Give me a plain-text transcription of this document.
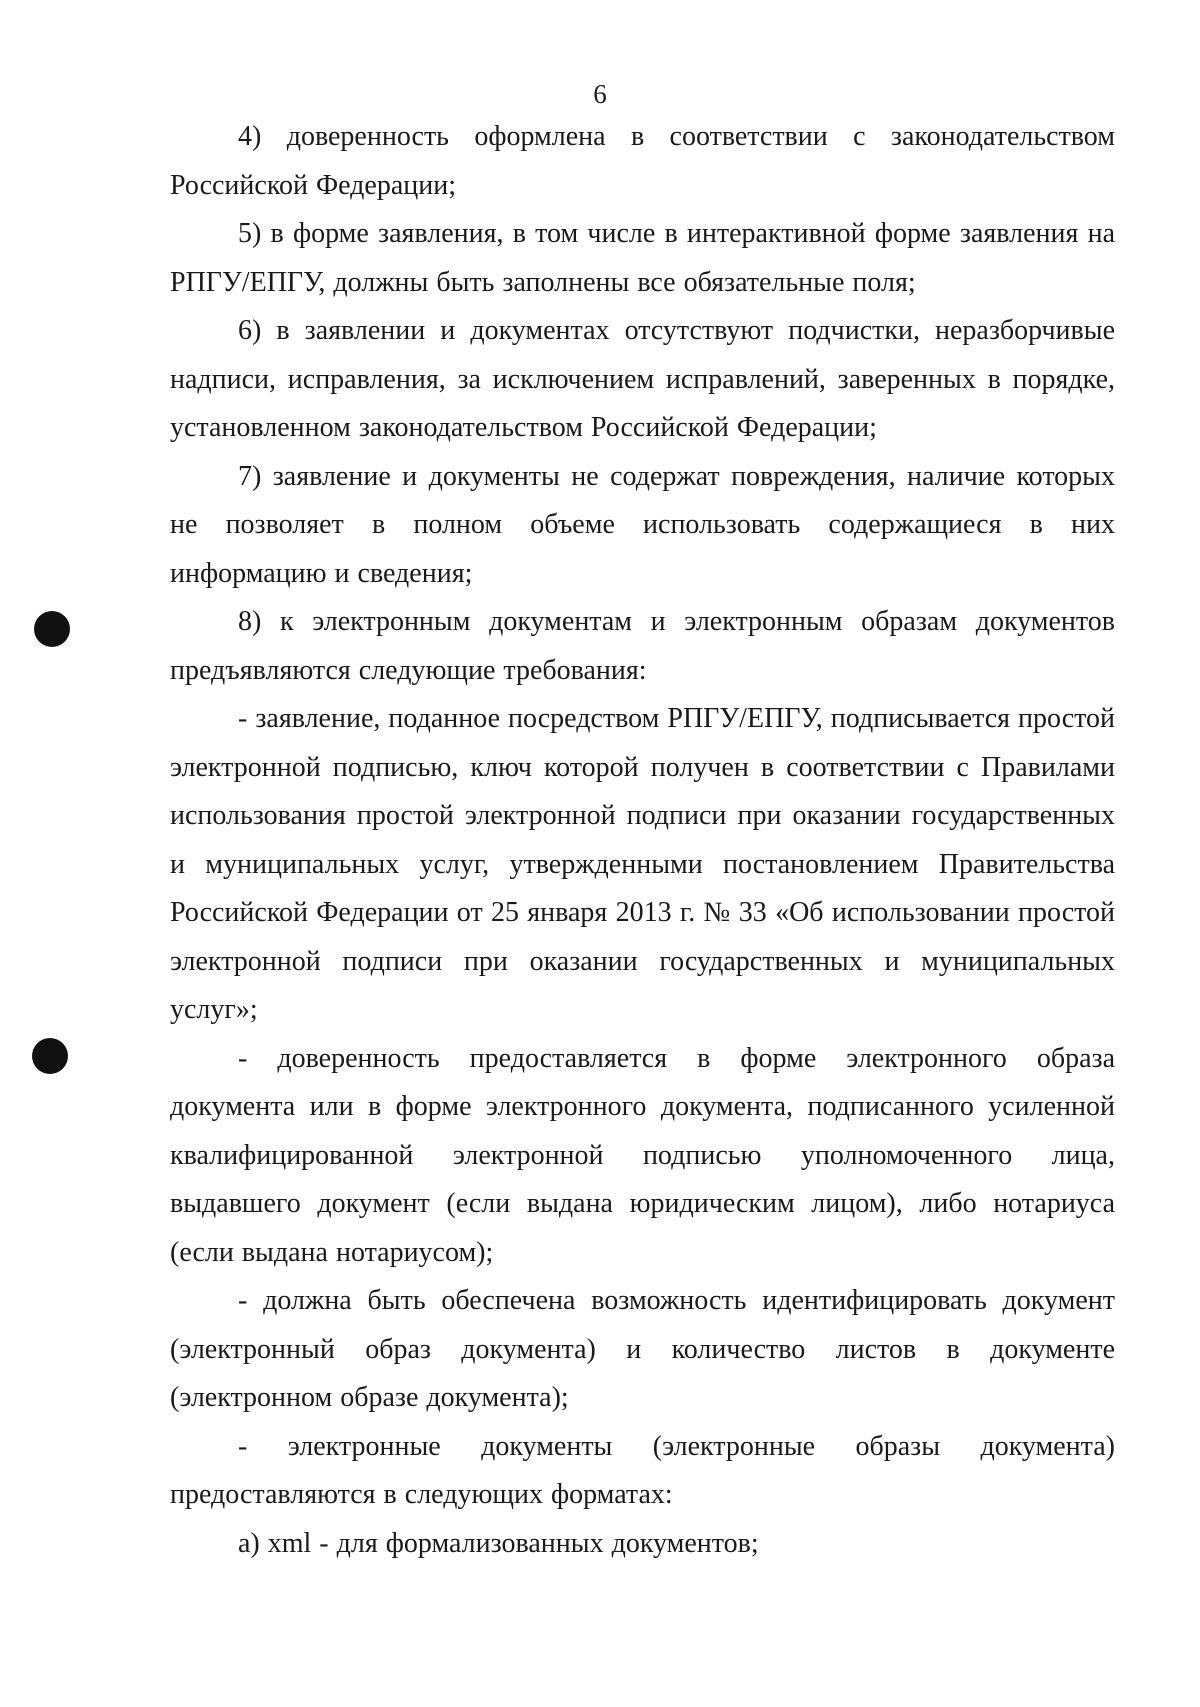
6

4) доверенность оформлена в соответствии с законодательством Российской Федерации;

5) в форме заявления, в том числе в интерактивной форме заявления на РПГУ/ЕПГУ, должны быть заполнены все обязательные поля;

6) в заявлении и документах отсутствуют подчистки, неразборчивые надписи, исправления, за исключением исправлений, заверенных в порядке, установленном законодательством Российской Федерации;

7) заявление и документы не содержат повреждения, наличие которых не позволяет в полном объеме использовать содержащиеся в них информацию и сведения;

8) к электронным документам и электронным образам документов предъявляются следующие требования:

- заявление, поданное посредством РПГУ/ЕПГУ, подписывается простой электронной подписью, ключ которой получен в соответствии с Правилами использования простой электронной подписи при оказании государственных и муниципальных услуг, утвержденными постановлением Правительства Российской Федерации от 25 января 2013 г. № 33 «Об использовании простой электронной подписи при оказании государственных и муниципальных услуг»;

- доверенность предоставляется в форме электронного образа документа или в форме электронного документа, подписанного усиленной квалифицированной электронной подписью уполномоченного лица, выдавшего документ (если выдана юридическим лицом), либо нотариуса (если выдана нотариусом);

- должна быть обеспечена возможность идентифицировать документ (электронный образ документа) и количество листов в документе (электронном образе документа);

- электронные документы (электронные образы документа) предоставляются в следующих форматах:

а) xml - для формализованных документов;
